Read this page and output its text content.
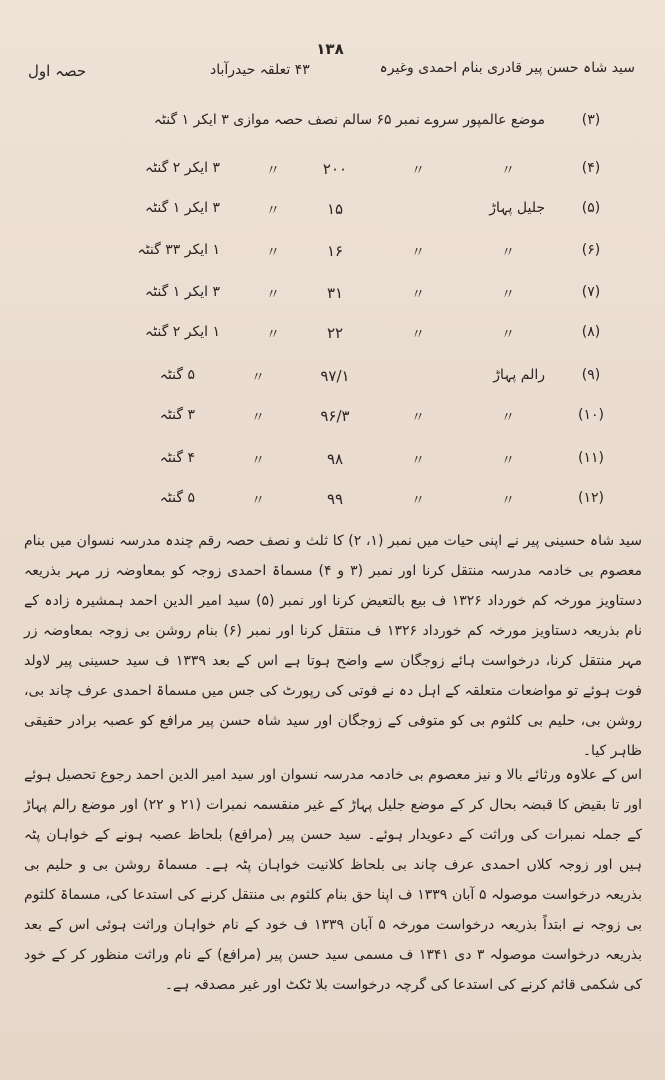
۱۳۸
سید شاہ حسن پیر قادری بنام احمدی وغیرہ
۴۳ تعلقہ حیدرآباد
حصہ اول
موضع عالمپور سروے نمبر ۶۵ سالم نصف حصہ موازی ۳ ایکر ۱ گنٹہ	(۳)
(۴)
〃
〃
۲۰۰
〃
۳ ایکر ۲ گنٹہ
(۵)
جلیل پہاڑ
۱۵
〃
۳ ایکر ۱ گنٹہ
(۶)
〃
〃
۱۶
〃
۱ ایکر ۳۳ گنٹہ
(۷)
〃
〃
۳۱
〃
۳ ایکر ۱ گنٹہ
(۸)
〃
〃
۲۲
〃
۱ ایکر ۲ گنٹہ
(۹)
رالم پہاڑ
۹۷/۱
〃
۵ گنٹہ
(۱۰)
〃
〃
۹۶/۳
〃
۳ گنٹہ
(۱۱)
〃
〃
۹۸
〃
۴ گنٹہ
(۱۲)
〃
〃
۹۹
〃
۵ گنٹہ
سید شاہ حسینی پیر نے اپنی حیات میں نمبر (۱، ۲) کا ثلث و نصف حصہ رقم چندہ مدرسہ نسوان میں بنام معصوم بی خادمہ مدرسہ منتقل کرنا اور نمبر (۳ و ۴) مسماۃ احمدی زوجہ کو بمعاوضہ زر مہر بذریعہ دستاویز مورخہ کم خورداد ۱۳۲۶ ف بیع بالتعیض کرنا اور نمبر (۵) سید امیر الدین احمد ہمشیرہ زادہ کے نام بذریعہ دستاویز مورخہ کم خورداد ۱۳۲۶ ف منتقل کرنا اور نمبر (۶) بنام روشن بی زوجہ بمعاوضہ زر مہر منتقل کرنا، درخواست ہائے زوجگان سے واضح ہوتا ہے اس کے بعد ۱۳۳۹ ف سید حسینی پیر لاولد فوت ہوئے تو مواضعات متعلقہ کے اہل دہ نے فوتی کی رپورٹ کی جس میں مسماۃ احمدی عرف چاند بی، روشن بی، حلیم بی کلثوم بی کو متوفی کے زوجگان اور سید شاہ حسن پیر مرافع کو عصبہ برادر حقیقی ظاہر کیا۔
اس کے علاوہ ورثائے بالا و نیز معصوم بی خادمہ مدرسہ نسوان اور سید امیر الدین احمد رجوع تحصیل ہوئے اور تا بقیض کا قبضہ بحال کر کے موضع جلیل پہاڑ کے غیر منقسمہ نمبرات (۲۱ و ۲۲) اور موضع رالم پہاڑ کے جملہ نمبرات کی وراثت کے دعویدار ہوئے۔ سید حسن پیر (مرافع) بلحاظ عصبہ ہونے کے خواہان پٹہ ہیں اور زوجہ کلاں احمدی عرف چاند بی بلحاظ کلانیت خواہان پٹہ ہے۔ مسماۃ روشن بی و حلیم بی بذریعہ درخواست موصولہ ۵ آبان ۱۳۳۹ ف اپنا حق بنام کلثوم بی منتقل کرنے کی استدعا کی، مسماۃ کلثوم بی زوجہ نے ابتداً بذریعہ درخواست مورخہ ۵ آبان ۱۳۳۹ ف خود کے نام خواہان وراثت ہوئی اس کے بعد بذریعہ درخواست موصولہ ۳ دی ۱۳۴۱ ف مسمی سید حسن پیر (مرافع) کے نام وراثت منظور کر کے خود کی شکمی قائم کرنے کی استدعا کی گرچہ درخواست بلا ٹکٹ اور غیر مصدقہ ہے۔
